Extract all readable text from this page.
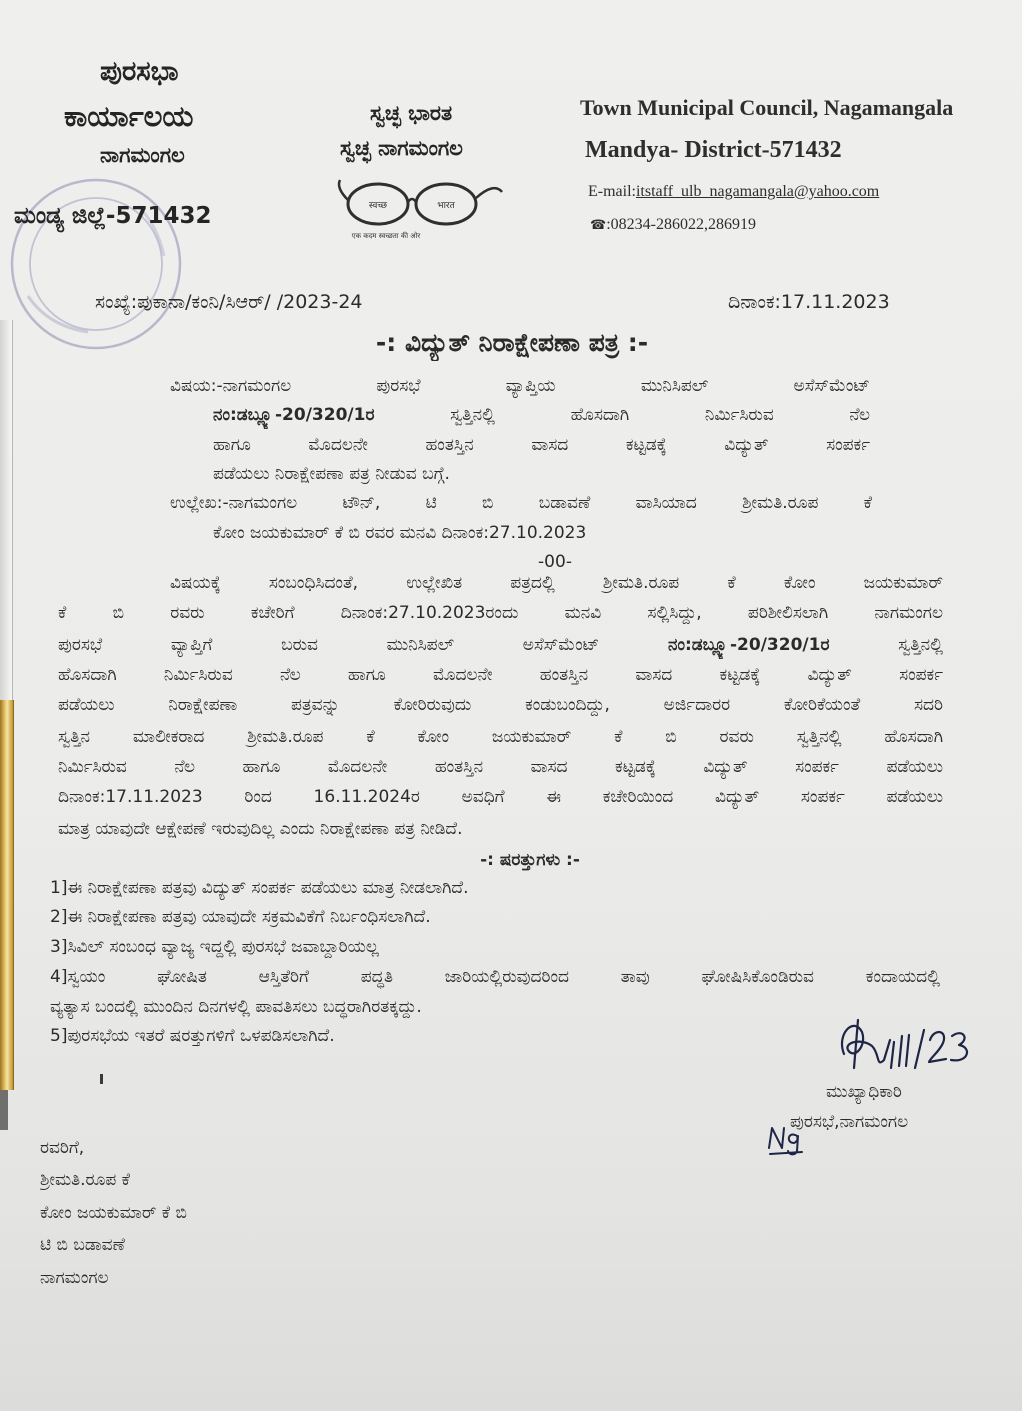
ಪುರಸಭಾ
ಕಾರ್ಯಾಲಯ
ನಾಗಮಂಗಲ
ಮಂಡ್ಯ ಜಿಲ್ಲೆ-571432
ಸ್ವಚ್ಛ ಭಾರತ
ಸ್ವಚ್ಛ ನಾಗಮಂಗಲ
स्वच्छ	भारत
एक कदम स्वच्छता की ओर
Town Municipal Council, Nagamangala
Mandya- District-571432
E-mail:itstaff_ulb_nagamangala@yahoo.com
☎:08234-286022,286919
ಸಂಖ್ಯೆ:ಪುಕಾನಾ/ಕಂನಿ/ಸಿಆರ್/ /2023-24	ದಿನಾಂಕ:17.11.2023
-: ವಿದ್ಯುತ್ ನಿರಾಕ್ಷೇಪಣಾ ಪತ್ರ :-
ವಿಷಯ:-ನಾಗಮಂಗಲ ಪುರಸಭೆ ವ್ಯಾಪ್ತಿಯ ಮುನಿಸಿಪಲ್ ಅಸೆಸ್‌ಮೆಂಟ್
ನಂ:ಡಬ್ಲ್ಯೂ-20/320/1ರ ಸ್ವತ್ತಿನಲ್ಲಿ ಹೊಸದಾಗಿ ನಿರ್ಮಿಸಿರುವ ನೆಲ
ಹಾಗೂ ಮೊದಲನೇ ಹಂತಸ್ತಿನ ವಾಸದ ಕಟ್ಟಡಕ್ಕೆ ವಿದ್ಯುತ್ ಸಂಪರ್ಕ
ಪಡೆಯಲು ನಿರಾಕ್ಷೇಪಣಾ ಪತ್ರ ನೀಡುವ ಬಗ್ಗೆ.
ಉಲ್ಲೇಖ:-ನಾಗಮಂಗಲ ಟೌನ್, ಟಿ ಬಿ ಬಡಾವಣೆ ವಾಸಿಯಾದ ಶ್ರೀಮತಿ.ರೂಪ ಕೆ
ಕೋಂ ಜಯಕುಮಾರ್ ಕೆ ಬಿ ರವರ ಮನವಿ ದಿನಾಂಕ:27.10.2023
-00-
ವಿಷಯಕ್ಕೆ ಸಂಬಂಧಿಸಿದಂತೆ, ಉಲ್ಲೇಖಿತ ಪತ್ರದಲ್ಲಿ ಶ್ರೀಮತಿ.ರೂಪ ಕೆ ಕೋಂ ಜಯಕುಮಾರ್
ಕೆ ಬಿ ರವರು ಕಚೇರಿಗೆ ದಿನಾಂಕ:27.10.2023ರಂದು ಮನವಿ ಸಲ್ಲಿಸಿದ್ದು, ಪರಿಶೀಲಿಸಲಾಗಿ ನಾಗಮಂಗಲ
ಪುರಸಭೆ ವ್ಯಾಪ್ತಿಗೆ ಬರುವ ಮುನಿಸಿಪಲ್ ಅಸೆಸ್‌ಮೆಂಟ್ ನಂ:ಡಬ್ಲ್ಯೂ-20/320/1ರ ಸ್ವತ್ತಿನಲ್ಲಿ
ಹೊಸದಾಗಿ ನಿರ್ಮಿಸಿರುವ ನೆಲ ಹಾಗೂ ಮೊದಲನೇ ಹಂತಸ್ತಿನ ವಾಸದ ಕಟ್ಟಡಕ್ಕೆ ವಿದ್ಯುತ್ ಸಂಪರ್ಕ
ಪಡೆಯಲು ನಿರಾಕ್ಷೇಪಣಾ ಪತ್ರವನ್ನು ಕೋರಿರುವುದು ಕಂಡುಬಂದಿದ್ದು, ಅರ್ಜಿದಾರರ ಕೋರಿಕೆಯಂತೆ ಸದರಿ
ಸ್ವತ್ತಿನ ಮಾಲೀಕರಾದ ಶ್ರೀಮತಿ.ರೂಪ ಕೆ ಕೋಂ ಜಯಕುಮಾರ್ ಕೆ ಬಿ ರವರು ಸ್ವತ್ತಿನಲ್ಲಿ ಹೊಸದಾಗಿ
ನಿರ್ಮಿಸಿರುವ ನೆಲ ಹಾಗೂ ಮೊದಲನೇ ಹಂತಸ್ತಿನ ವಾಸದ ಕಟ್ಟಡಕ್ಕೆ ವಿದ್ಯುತ್ ಸಂಪರ್ಕ ಪಡೆಯಲು
ದಿನಾಂಕ:17.11.2023 ರಿಂದ 16.11.2024ರ ಅವಧಿಗೆ ಈ ಕಚೇರಿಯಿಂದ ವಿದ್ಯುತ್ ಸಂಪರ್ಕ ಪಡೆಯಲು
ಮಾತ್ರ ಯಾವುದೇ ಆಕ್ಷೇಪಣೆ ಇರುವುದಿಲ್ಲ ಎಂದು ನಿರಾಕ್ಷೇಪಣಾ ಪತ್ರ ನೀಡಿದೆ.
-: ಷರತ್ತುಗಳು :-
1]ಈ ನಿರಾಕ್ಷೇಪಣಾ ಪತ್ರವು ವಿದ್ಯುತ್ ಸಂಪರ್ಕ ಪಡೆಯಲು ಮಾತ್ರ ನೀಡಲಾಗಿದೆ.
2]ಈ ನಿರಾಕ್ಷೇಪಣಾ ಪತ್ರವು ಯಾವುದೇ ಸಕ್ರಮವಿಕೆಗೆ ನಿರ್ಬಂಧಿಸಲಾಗಿದೆ.
3]ಸಿವಿಲ್ ಸಂಬಂಧ ವ್ಯಾಜ್ಯ ಇದ್ದಲ್ಲಿ ಪುರಸಭೆ ಜವಾಬ್ದಾರಿಯಲ್ಲ
4]ಸ್ವಯಂ ಘೋಷಿತ ಆಸ್ತಿತೆರಿಗೆ ಪದ್ಧತಿ ಜಾರಿಯಲ್ಲಿರುವುದರಿಂದ ತಾವು ಘೋಷಿಸಿಕೊಂಡಿರುವ ಕಂದಾಯದಲ್ಲಿ
ವ್ಯತ್ಯಾಸ ಬಂದಲ್ಲಿ ಮುಂದಿನ ದಿನಗಳಲ್ಲಿ ಪಾವತಿಸಲು ಬದ್ಧರಾಗಿರತಕ್ಕದ್ದು.
5]ಪುರಸಭೆಯ ಇತರೆ ಷರತ್ತುಗಳಿಗೆ ಒಳಪಡಿಸಲಾಗಿದೆ.
ಮುಖ್ಯಾಧಿಕಾರಿ
ಪುರಸಭೆ,ನಾಗಮಂಗಲ
ರವರಿಗೆ,
ಶ್ರೀಮತಿ.ರೂಪ ಕೆ
ಕೋಂ ಜಯಕುಮಾರ್ ಕೆ ಬಿ
ಟಿ ಬಿ ಬಡಾವಣೆ
ನಾಗಮಂಗಲ
